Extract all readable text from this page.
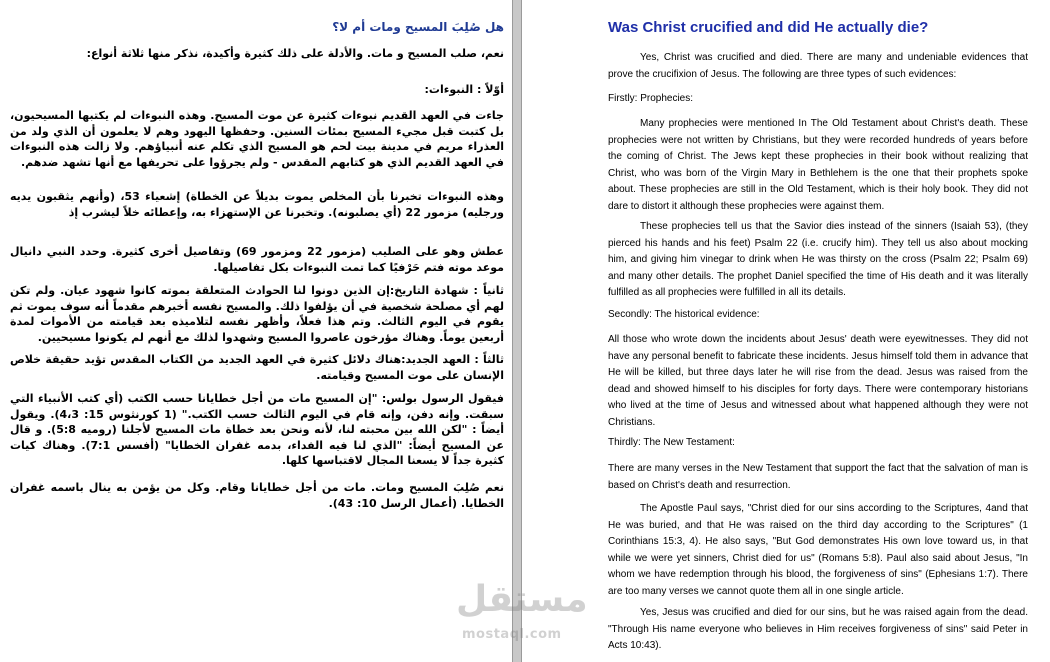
هل صُلِبَ المسيح ومات أم لا؟

نعم، صلب المسيح و مات. والأدلة على ذلك كثيرة وأكيدة، نذكر منها ثلاثة أنواع:

أوّلاً : النبوءات:

جاءت في العهد القديم نبوءات كثيرة عن موت المسيح. وهذه النبوءات لم يكتبها المسيحيون، بل كتبت قبل مجيء المسيح بمئات السنين. وحفظها اليهود وهم لا يعلمون أن الذي ولد من العذراء مريم في مدينة بيت لحم هو المسيح الذي تكلم عنه أنبياؤهم. ولا زالت هذه النبوءات في العهد القديم الذي هو كتابهم المقدس - ولم يجرؤوا على تحريفها مع أنها تشهد ضدهم.

وهذه النبوءات تخبرنا بأن المخلص يموت بديلاً عن الخطاة) إشعياء 53، (وأنهم يثقبون يديه ورجليه) مزمور 22 (أي يصلبونه). وتخبرنا عن الإستهزاء به، وإعطائه خلاً ليشرب إذ

عطش وهو على الصليب (مزمور 22 ومزمور 69) وتفاصيل أخرى كثيرة. وحدد النبي دانيال موعد موته فتم حَرْفيًا كما تمت النبوءات بكل تفاصيلها.

ثانياً : شهادة التاريخ:إن الذين دونوا لنا الحوادث المتعلقة بموته كانوا شهود عيان. ولم تكن لهم أي مصلحة شخصية في أن يؤلفوا ذلك. والمسيح نفسه أخبرهم مقدماً أنه سوف يموت ثم يقوم في اليوم الثالث. وتم هذا فعلاً، وأظهر نفسه لتلاميذه بعد قيامته من الأموات لمدة أربعين يوماً. وهناك مؤرخون عاصروا المسيح وشهدوا لذلك مع أنهم لم يكونوا مسيحيين.

ثالثاً : العهد الجديد:هناك دلائل كثيرة في العهد الجديد من الكتاب المقدس تؤيد حقيقة خلاص الإنسان على موت المسيح وقيامته.

فيقول الرسول بولس: "إن المسيح مات من أجل خطايانا حسب الكتب (أي كتب الأنبياء التي سبقت. وإنه دفن، وإنه قام في اليوم الثالث حسب الكتب." (1 كورنثوس 15: 4،3). ويقول أيضاً : "لكن الله بين محبته لنا، لأنه ونحن بعد خطاة مات المسيح لأجلنا (روميه 5:8). و قال عن المسيح أيضاً: "الذي لنا فيه الفداء، بدمه غفران الخطايا" (أفسس 7:1). وهناك كيات كثيرة جداً لا يسعنا المجال لاقتباسها كلها.

نعم صُلِبَ المسيح ومات. مات من أجل خطايانا وقام. وكل من يؤمن به ينال باسمه غفران الخطايا. (أعمال الرسل 10: 43).

Was Christ crucified and did He actually die?

Yes, Christ was crucified and died. There are many and undeniable evidences that prove the crucifixion of Jesus. The following are three types of such evidences:

Firstly: Prophecies:

Many prophecies were mentioned In The Old Testament about Christ's death. These prophecies were not written by Christians, but they were recorded hundreds of years before the coming of Christ. The Jews kept these prophecies in their book without realizing that Christ, who was born of the Virgin Mary in Bethlehem is the one that their prophets spoke about. These prophecies are still in the Old Testament, which is their holy book. They did not dare to distort it although these prophecies were against them.

These prophecies tell us that the Savior dies instead of the sinners (Isaiah 53), (they pierced his hands and his feet) Psalm 22 (i.e. crucify him). They tell us also about mocking him, and giving him vinegar to drink when He was thirsty on the cross (Psalm 22; Psalm 69) and many other details. The prophet Daniel specified the time of His death and it was literally fulfilled as all prophecies were fulfilled in all its details.

Secondly: The historical evidence:

All those who wrote down the incidents about Jesus' death were eyewitnesses. They did not have any personal benefit to fabricate these incidents. Jesus himself told them in advance that He will be killed, but three days later he will rise from the dead. Jesus was raised from the dead and showed himself to his disciples for forty days. There were contemporary historians who lived at the time of Jesus and witnessed about what happened although they were not Christians.

Thirdly: The New Testament:

There are many verses in the New Testament that support the fact that the salvation of man is based on Christ's death and resurrection.

The Apostle Paul says, "Christ died for our sins according to the Scriptures, 4and that He was buried, and that He was raised on the third day according to the Scriptures" (1 Corinthians 15:3, 4). He also says, "But God demonstrates His own love toward us, in that while we were yet sinners, Christ died for us" (Romans 5:8). Paul also said about Jesus, "In whom we have redemption through his blood, the forgiveness of sins" (Ephesians 1:7). There are too many verses we cannot quote them all in one single article.

Yes, Jesus was crucified and died for our sins, but he was raised again from the dead. "Through His name everyone who believes in Him receives forgiveness of sins" said Peter in Acts 10:43).

مستقل
mostaql.com
